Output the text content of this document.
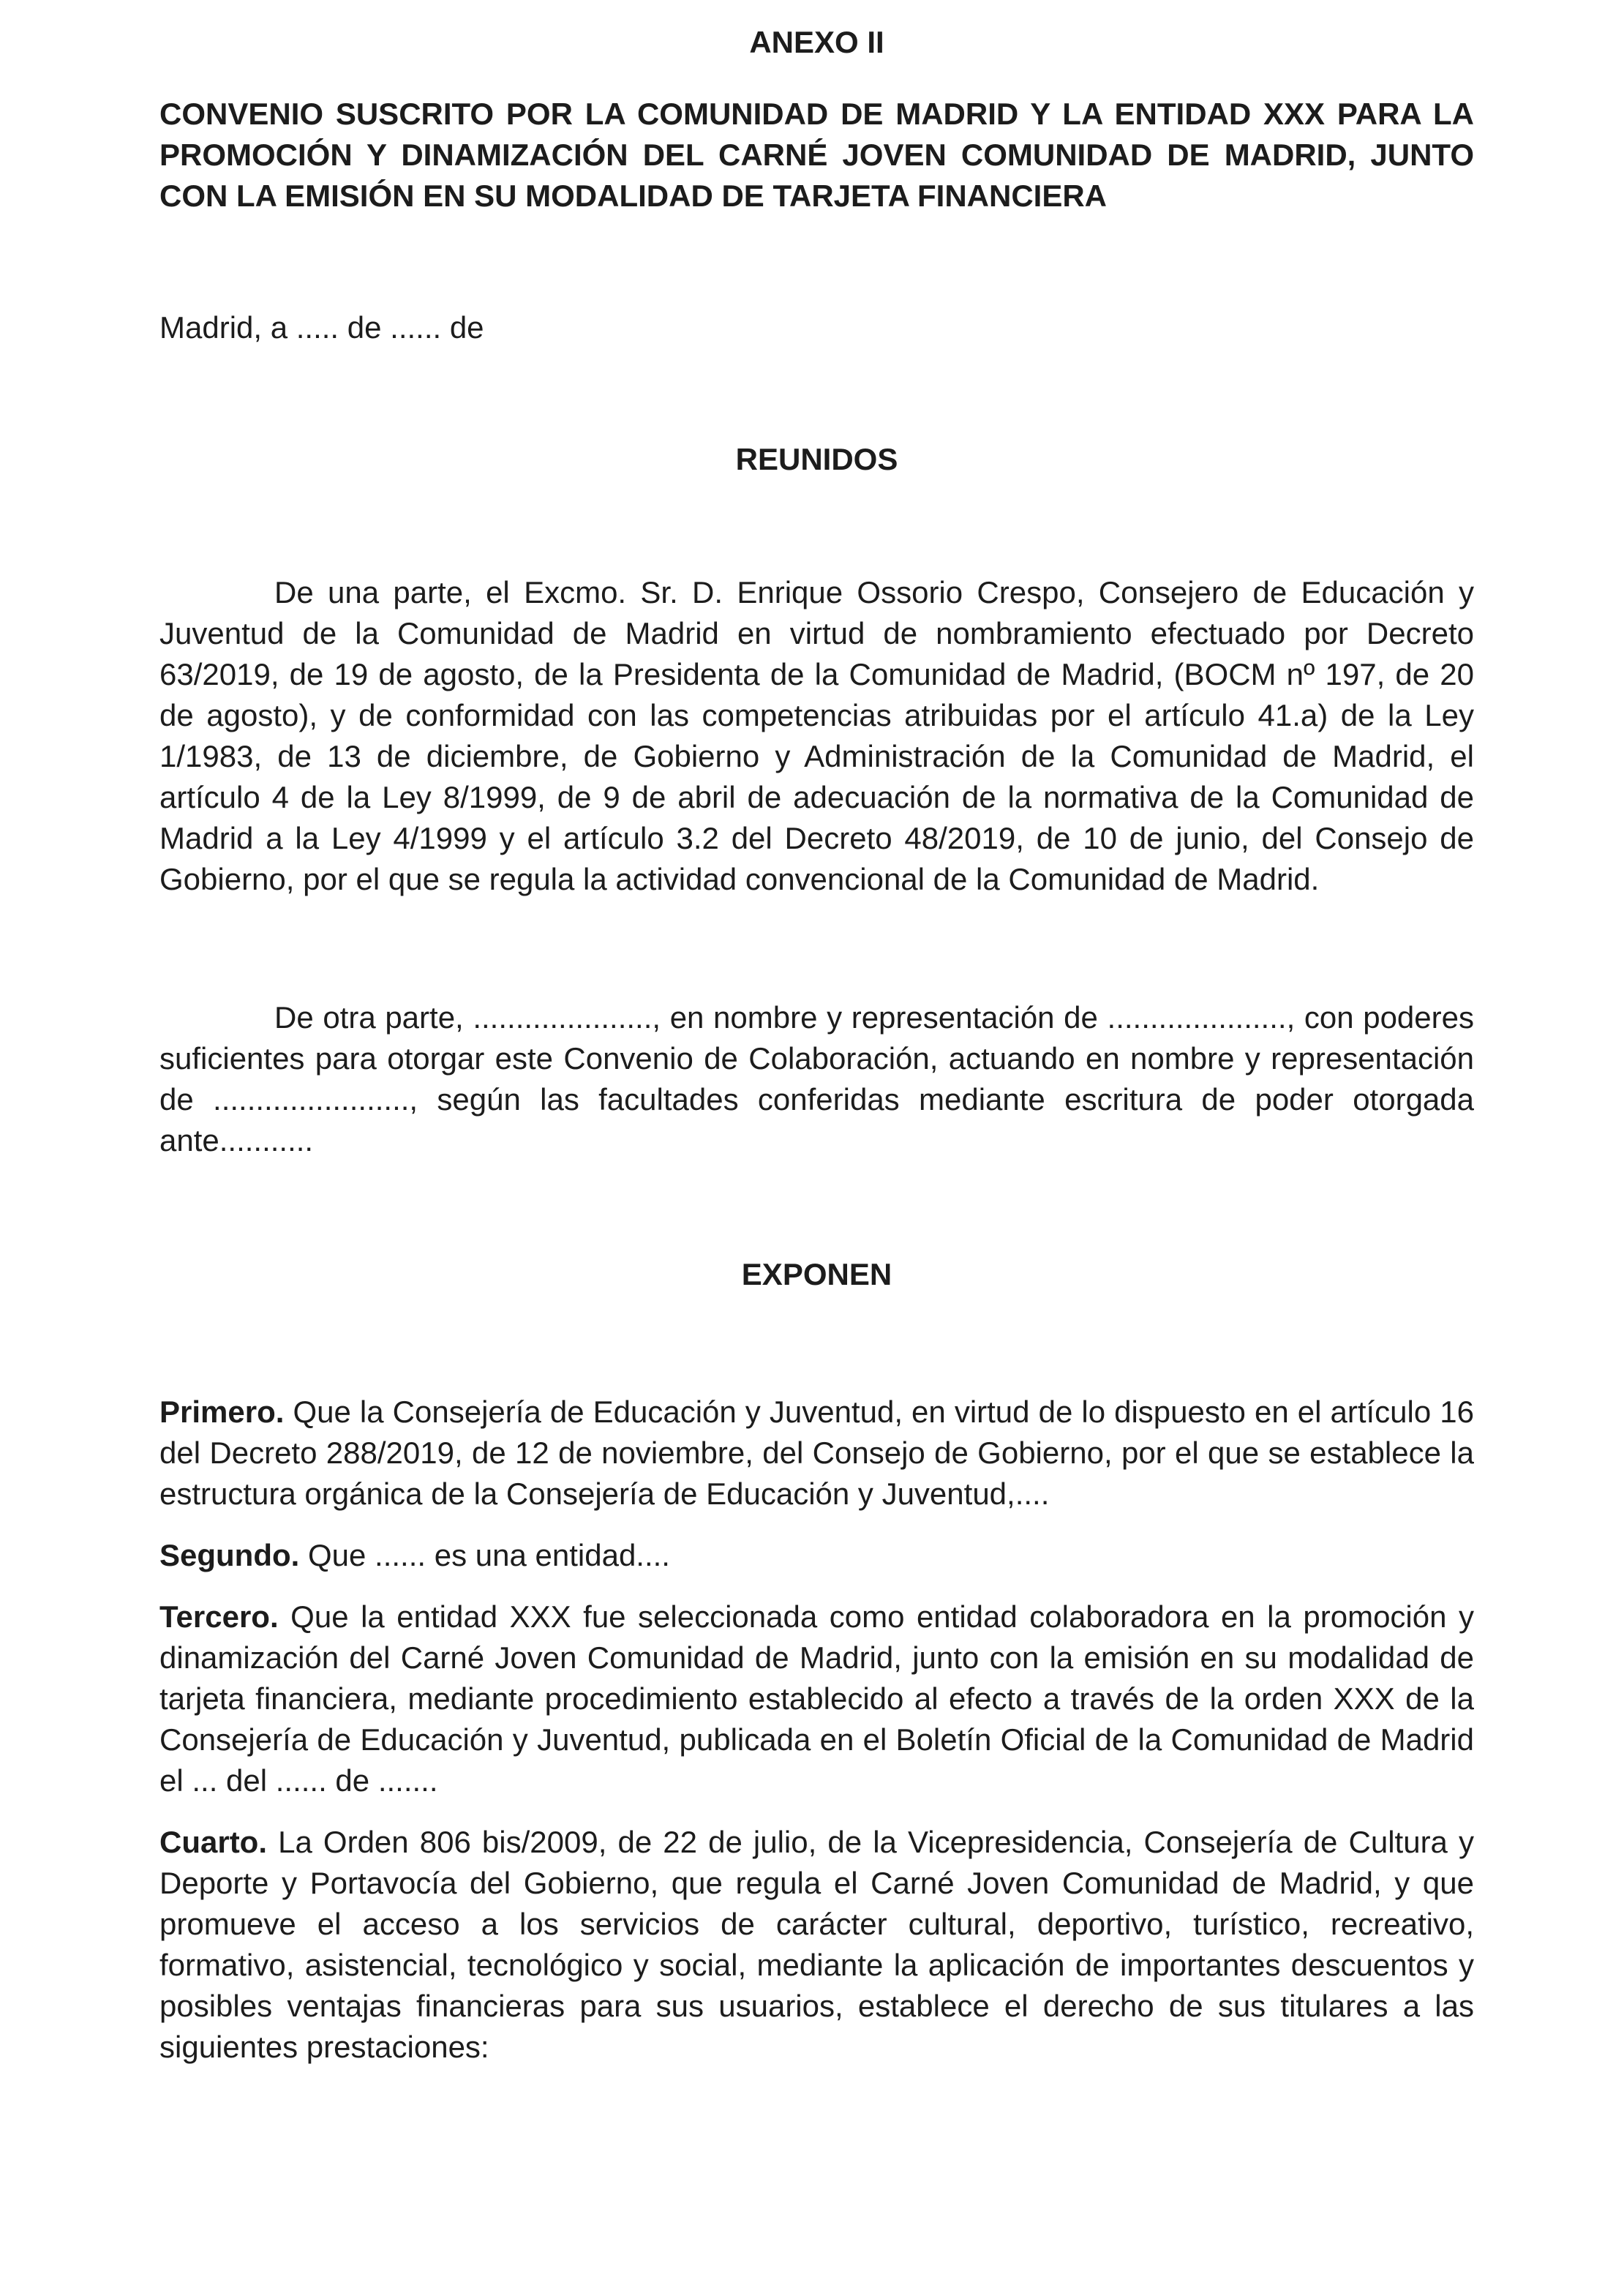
ANEXO II

CONVENIO SUSCRITO POR LA COMUNIDAD DE MADRID Y LA ENTIDAD XXX PARA LA PROMOCIÓN Y DINAMIZACIÓN DEL CARNÉ JOVEN COMUNIDAD DE MADRID, JUNTO CON LA EMISIÓN EN SU MODALIDAD DE TARJETA FINANCIERA

Madrid, a ..... de ...... de

REUNIDOS

De una parte, el Excmo. Sr. D. Enrique Ossorio Crespo, Consejero de Educación y Juventud de la Comunidad de Madrid en virtud de nombramiento efectuado por Decreto 63/2019, de 19 de agosto, de la Presidenta de la Comunidad de Madrid, (BOCM nº 197, de 20 de agosto), y de conformidad con las competencias atribuidas por el artículo 41.a) de la Ley 1/1983, de 13 de diciembre, de Gobierno y Administración de la Comunidad de Madrid, el artículo 4 de la Ley 8/1999, de 9 de abril de adecuación de la normativa de la Comunidad de Madrid a la Ley 4/1999 y el artículo 3.2 del Decreto 48/2019, de 10 de junio, del Consejo de Gobierno, por el que se regula la actividad convencional de la Comunidad de Madrid.

De otra parte, ....................., en nombre y representación de ....................., con poderes suficientes para otorgar este Convenio de Colaboración, actuando en nombre y representación de ......................., según las facultades conferidas mediante escritura de poder otorgada ante...........

EXPONEN

Primero. Que la Consejería de Educación y Juventud, en virtud de lo dispuesto en el artículo 16 del Decreto 288/2019, de 12 de noviembre, del Consejo de Gobierno, por el que se establece la estructura orgánica de la Consejería de Educación y Juventud,....

Segundo. Que ...... es una entidad....

Tercero. Que la entidad XXX fue seleccionada como entidad colaboradora en la promoción y dinamización del Carné Joven Comunidad de Madrid, junto con la emisión en su modalidad de tarjeta financiera, mediante procedimiento establecido al efecto a través de la orden XXX de la Consejería de Educación y Juventud, publicada en el Boletín Oficial de la Comunidad de Madrid el ... del ...... de .......

Cuarto. La Orden 806 bis/2009, de 22 de julio, de la Vicepresidencia, Consejería de Cultura y Deporte y Portavocía del Gobierno, que regula el Carné Joven Comunidad de Madrid, y que promueve el acceso a los servicios de carácter cultural, deportivo, turístico, recreativo, formativo, asistencial, tecnológico y social, mediante la aplicación de importantes descuentos y posibles ventajas financieras para sus usuarios, establece el derecho de sus titulares a las siguientes prestaciones:
